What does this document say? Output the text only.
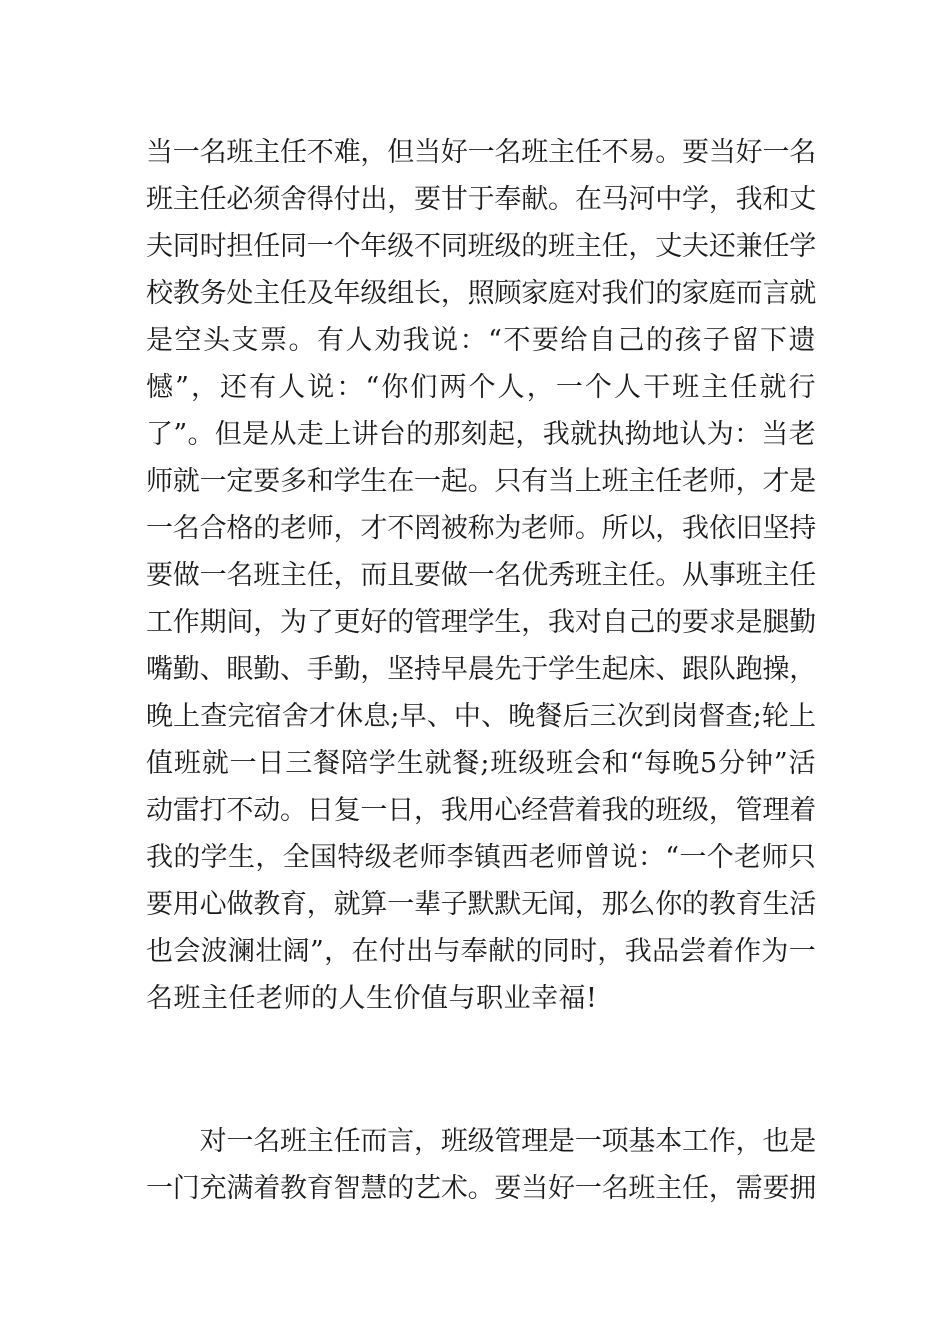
当一名班主任不难，但当好一名班主任不易。要当好一名
班主任必须舍得付出，要甘于奉献。在马河中学，我和丈
夫同时担任同一个年级不同班级的班主任，丈夫还兼任学
校教务处主任及年级组长，照顾家庭对我们的家庭而言就
是空头支票。有人劝我说：“不要给自己的孩子留下遗
憾”，还有人说：“你们两个人，一个人干班主任就行
了”。但是从走上讲台的那刻起，我就执拗地认为：当老
师就一定要多和学生在一起。只有当上班主任老师，才是
一名合格的老师，才不罔被称为老师。所以，我依旧坚持
要做一名班主任，而且要做一名优秀班主任。从事班主任
工作期间，为了更好的管理学生，我对自己的要求是腿勤
嘴勤、眼勤、手勤，坚持早晨先于学生起床、跟队跑操，
晚上查完宿舍才休息;早、中、晚餐后三次到岗督查;轮上
值班就一日三餐陪学生就餐;班级班会和“每晚5分钟”活
动雷打不动。日复一日，我用心经营着我的班级，管理着
我的学生，全国特级老师李镇西老师曾说：“一个老师只
要用心做教育，就算一辈子默默无闻，那么你的教育生活
也会波澜壮阔”，在付出与奉献的同时，我品尝着作为一
名班主任老师的人生价值与职业幸福!
　　对一名班主任而言，班级管理是一项基本工作，也是
一门充满着教育智慧的艺术。要当好一名班主任，需要拥
